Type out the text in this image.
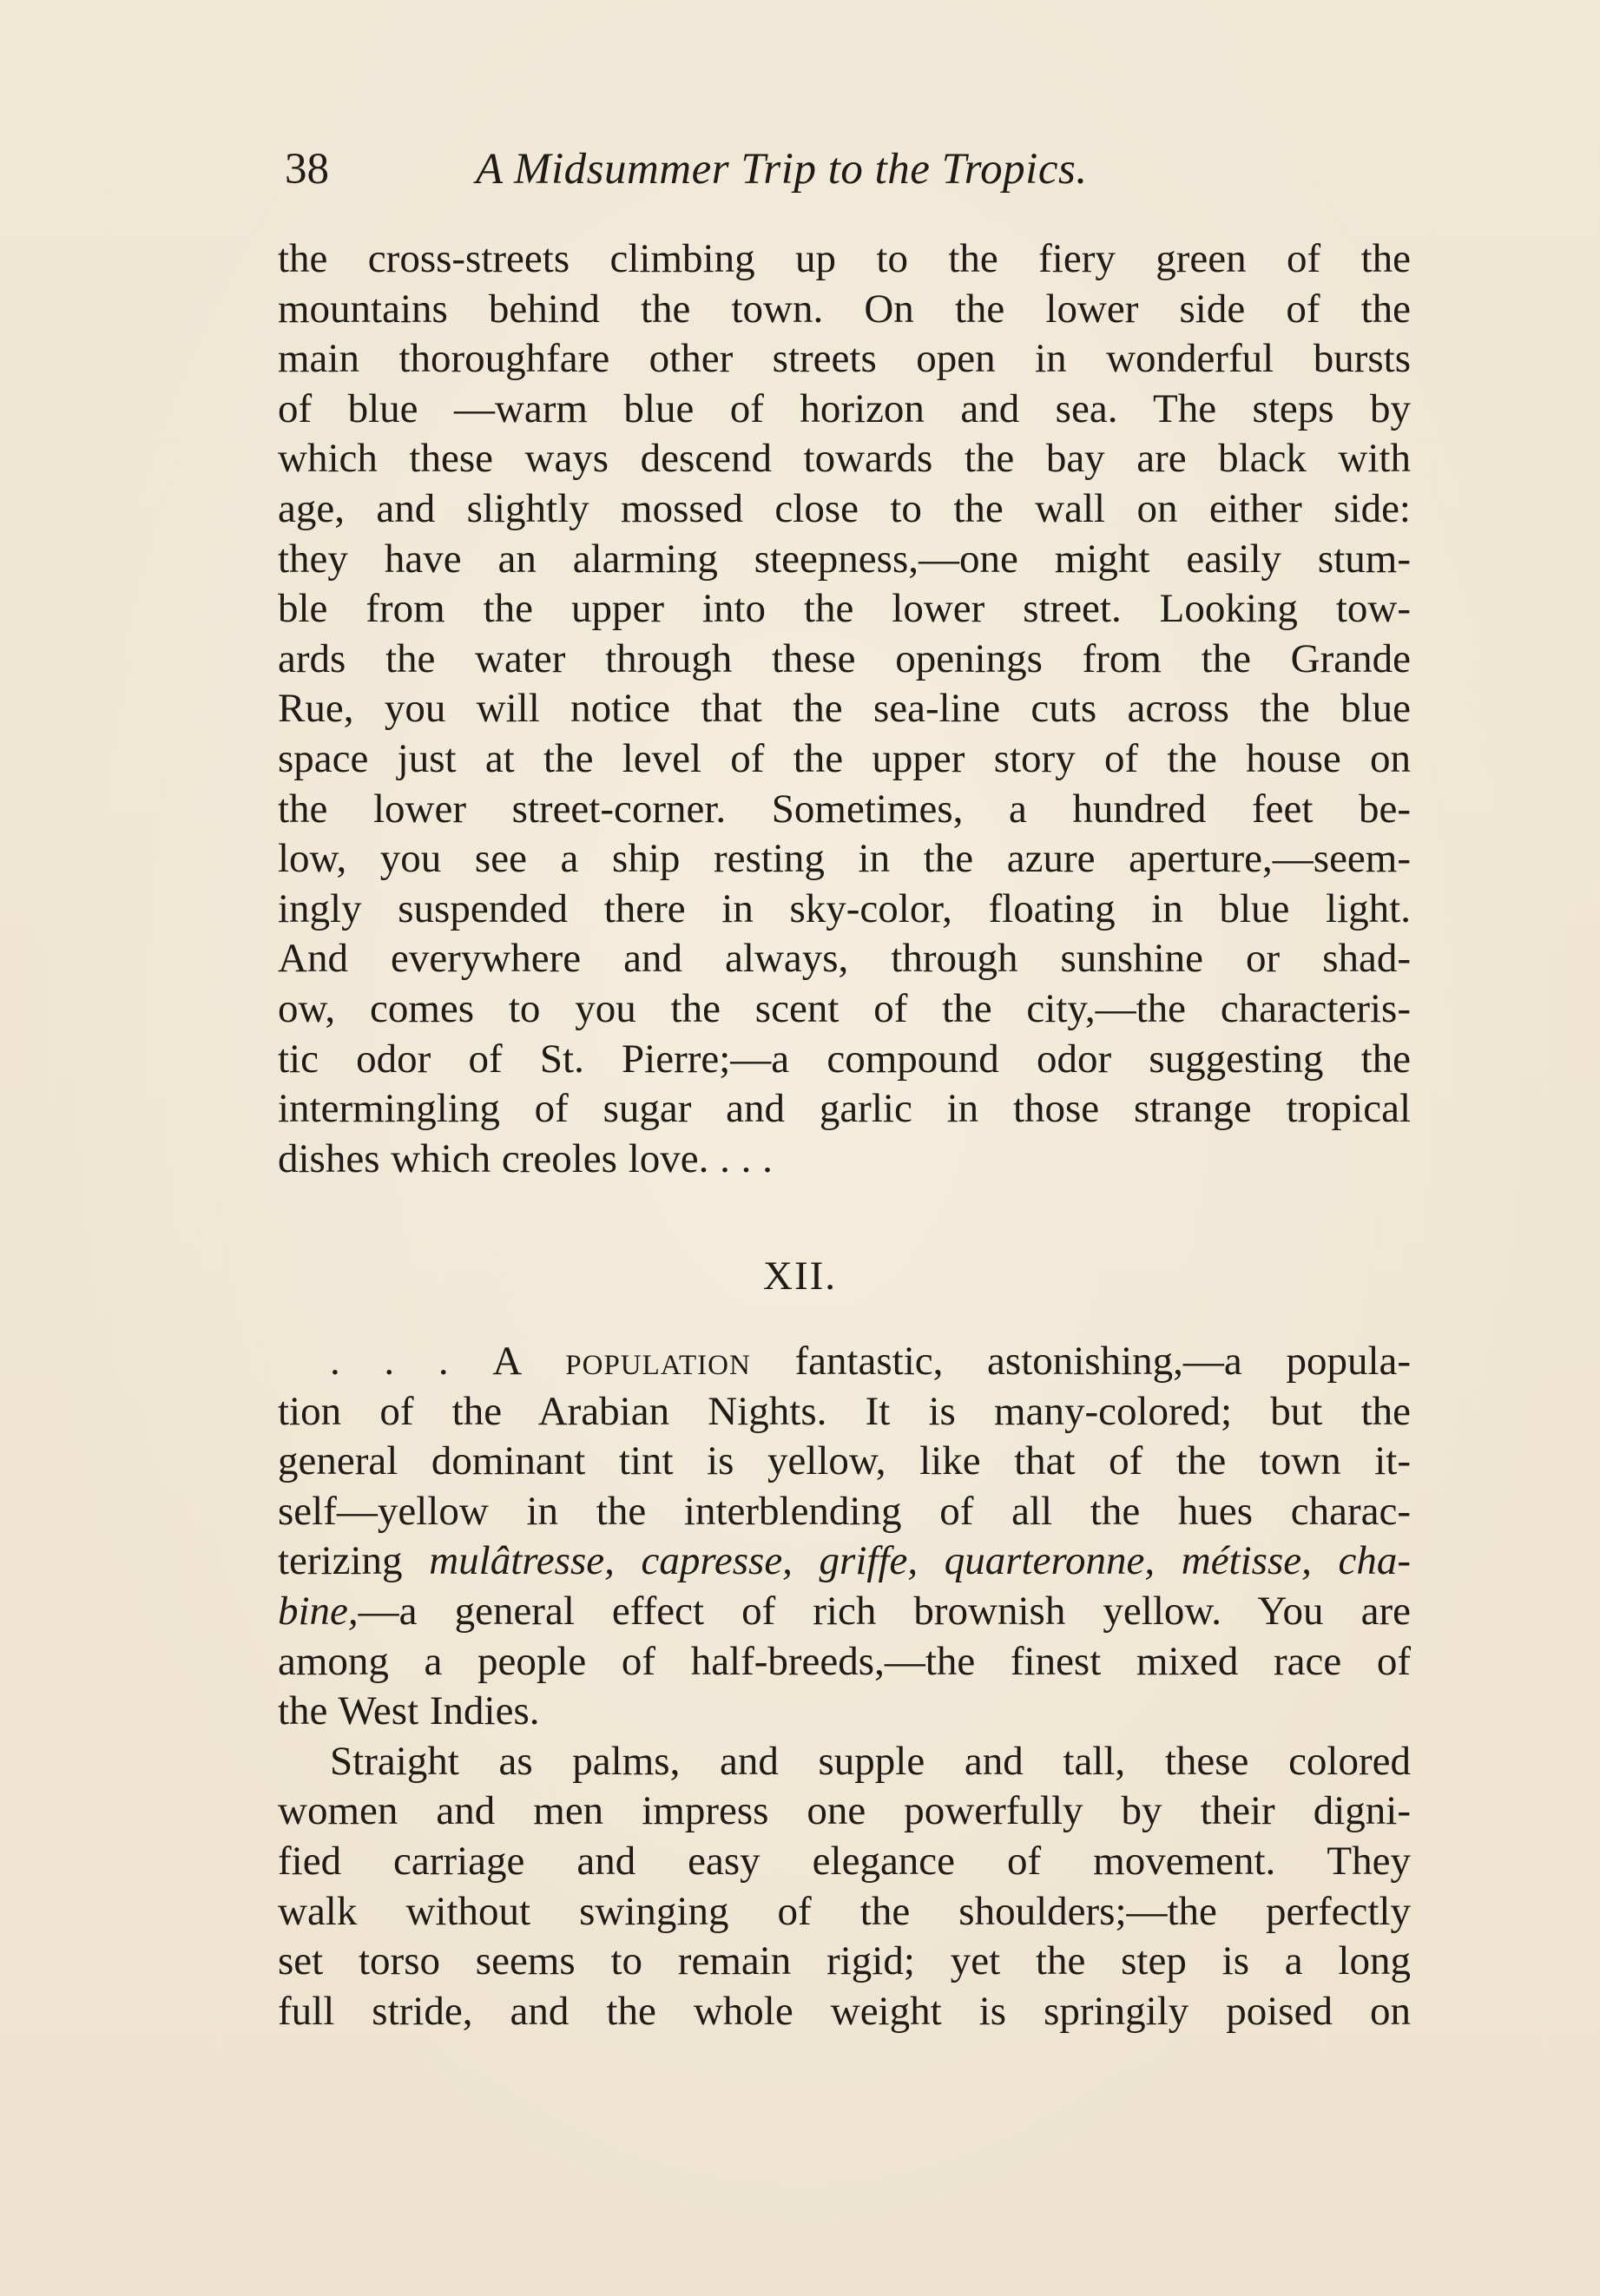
38	A Midsummer Trip to the Tropics.
the cross-streets climbing up to the fiery green of the
mountains behind the town. On the lower side of the
main thoroughfare other streets open in wonderful bursts
of blue —warm blue of horizon and sea. The steps by
which these ways descend towards the bay are black with
age, and slightly mossed close to the wall on either side:
they have an alarming steepness,—one might easily stum-
ble from the upper into the lower street. Looking tow-
ards the water through these openings from the Grande
Rue, you will notice that the sea-line cuts across the blue
space just at the level of the upper story of the house on
the lower street-corner. Sometimes, a hundred feet be-
low, you see a ship resting in the azure aperture,—seem-
ingly suspended there in sky-color, floating in blue light.
And everywhere and always, through sunshine or shad-
ow, comes to you the scent of the city,—the characteris-
tic odor of St. Pierre;—a compound odor suggesting the
intermingling of sugar and garlic in those strange tropical
dishes which creoles love. . . .
XII.
. . . A population fantastic, astonishing,—a popula-
tion of the Arabian Nights. It is many-colored; but the
general dominant tint is yellow, like that of the town it-
self—yellow in the interblending of all the hues charac-
terizing mulâtresse, capresse, griffe, quarteronne, métisse, cha-
bine,—a general effect of rich brownish yellow. You are
among a people of half-breeds,—the finest mixed race of
the West Indies.
Straight as palms, and supple and tall, these colored
women and men impress one powerfully by their digni-
fied carriage and easy elegance of movement. They
walk without swinging of the shoulders;—the perfectly
set torso seems to remain rigid; yet the step is a long
full stride, and the whole weight is springily poised on
